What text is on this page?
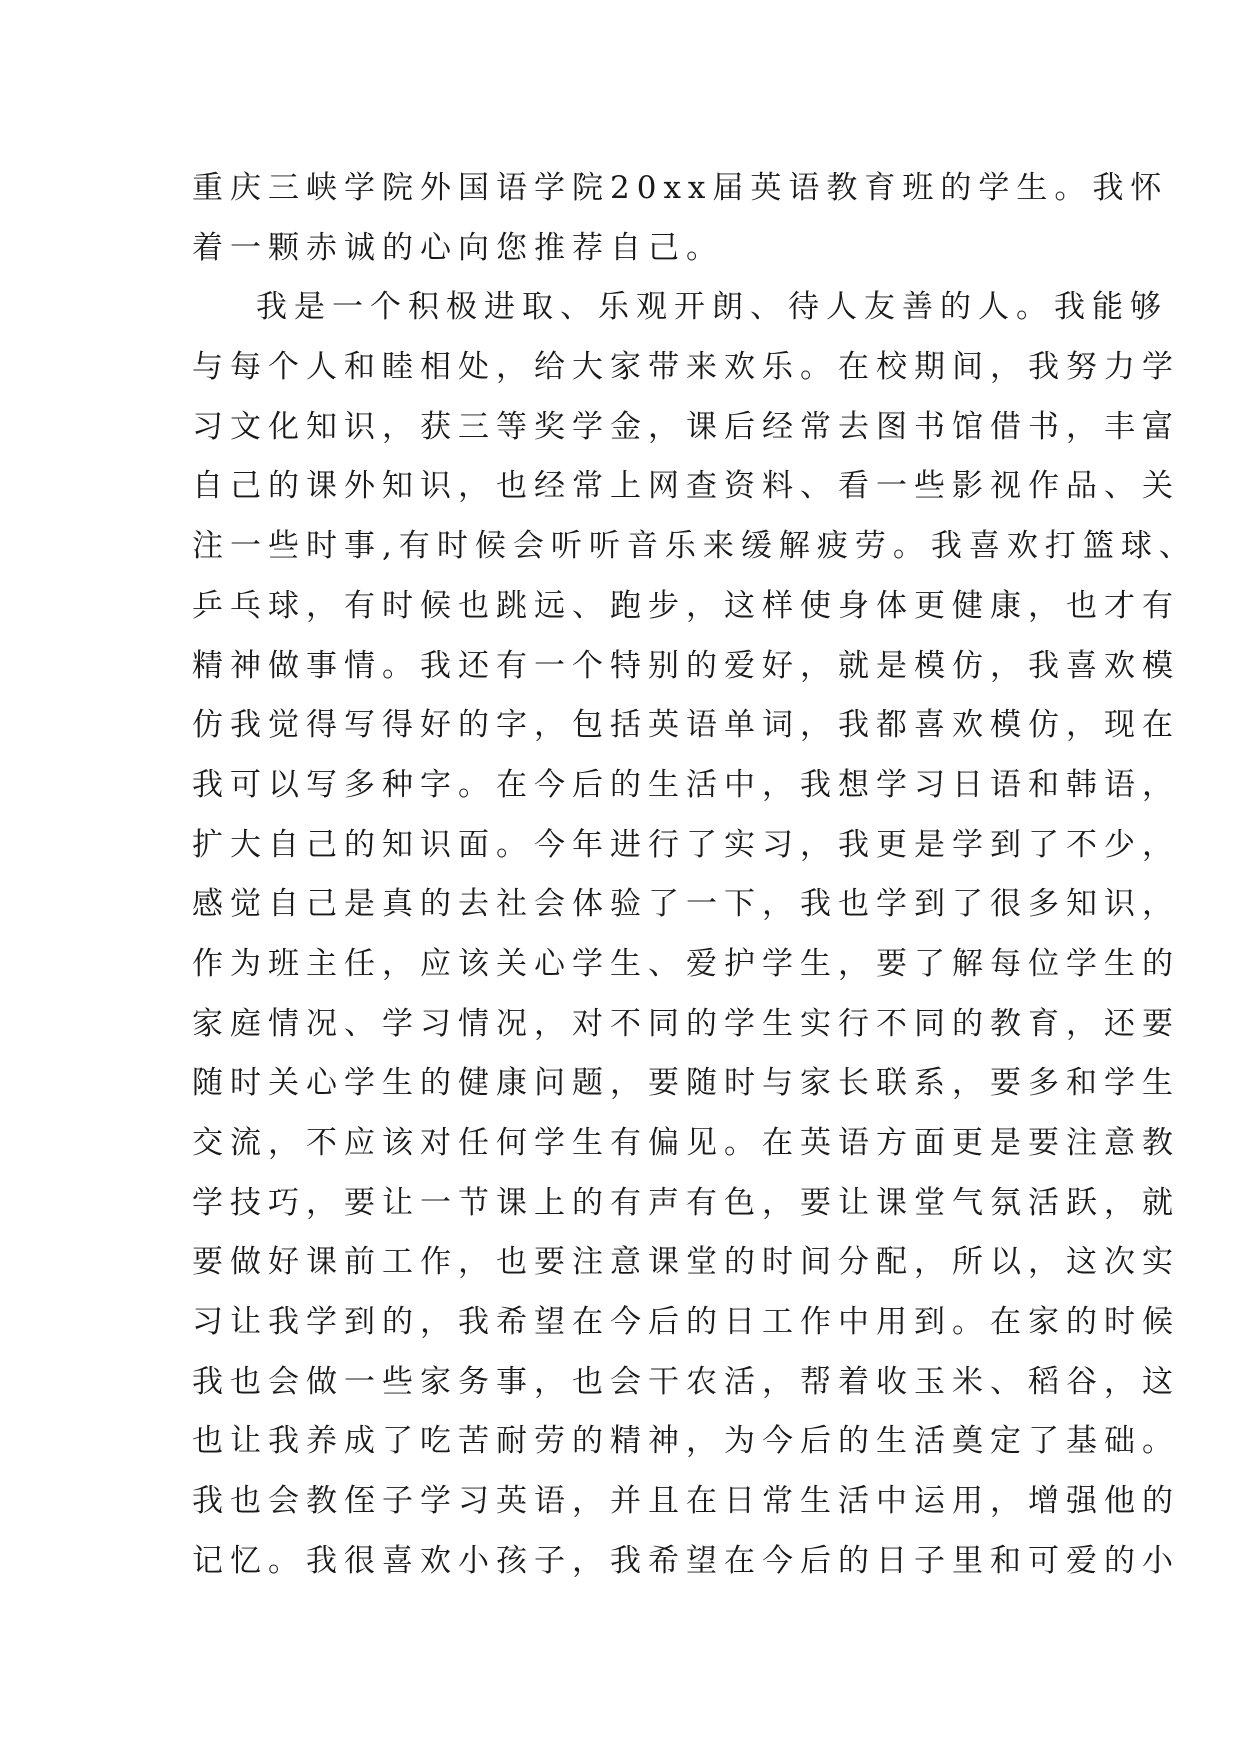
重庆三峡学院外国语学院20xx届英语教育班的学生。我怀
着一颗赤诚的心向您推荐自己。
我是一个积极进取、乐观开朗、待人友善的人。我能够
与每个人和睦相处，给大家带来欢乐。在校期间，我努力学
习文化知识，获三等奖学金，课后经常去图书馆借书，丰富
自己的课外知识，也经常上网查资料、看一些影视作品、关
注一些时事,有时候会听听音乐来缓解疲劳。我喜欢打篮球、
乒乓球，有时候也跳远、跑步，这样使身体更健康，也才有
精神做事情。我还有一个特别的爱好，就是模仿，我喜欢模
仿我觉得写得好的字，包括英语单词，我都喜欢模仿，现在
我可以写多种字。在今后的生活中，我想学习日语和韩语，
扩大自己的知识面。今年进行了实习，我更是学到了不少，
感觉自己是真的去社会体验了一下，我也学到了很多知识，
作为班主任，应该关心学生、爱护学生，要了解每位学生的
家庭情况、学习情况，对不同的学生实行不同的教育，还要
随时关心学生的健康问题，要随时与家长联系，要多和学生
交流，不应该对任何学生有偏见。在英语方面更是要注意教
学技巧，要让一节课上的有声有色，要让课堂气氛活跃，就
要做好课前工作，也要注意课堂的时间分配，所以，这次实
习让我学到的，我希望在今后的日工作中用到。在家的时候
我也会做一些家务事，也会干农活，帮着收玉米、稻谷，这
也让我养成了吃苦耐劳的精神，为今后的生活奠定了基础。
我也会教侄子学习英语，并且在日常生活中运用，增强他的
记忆。我很喜欢小孩子，我希望在今后的日子里和可爱的小
